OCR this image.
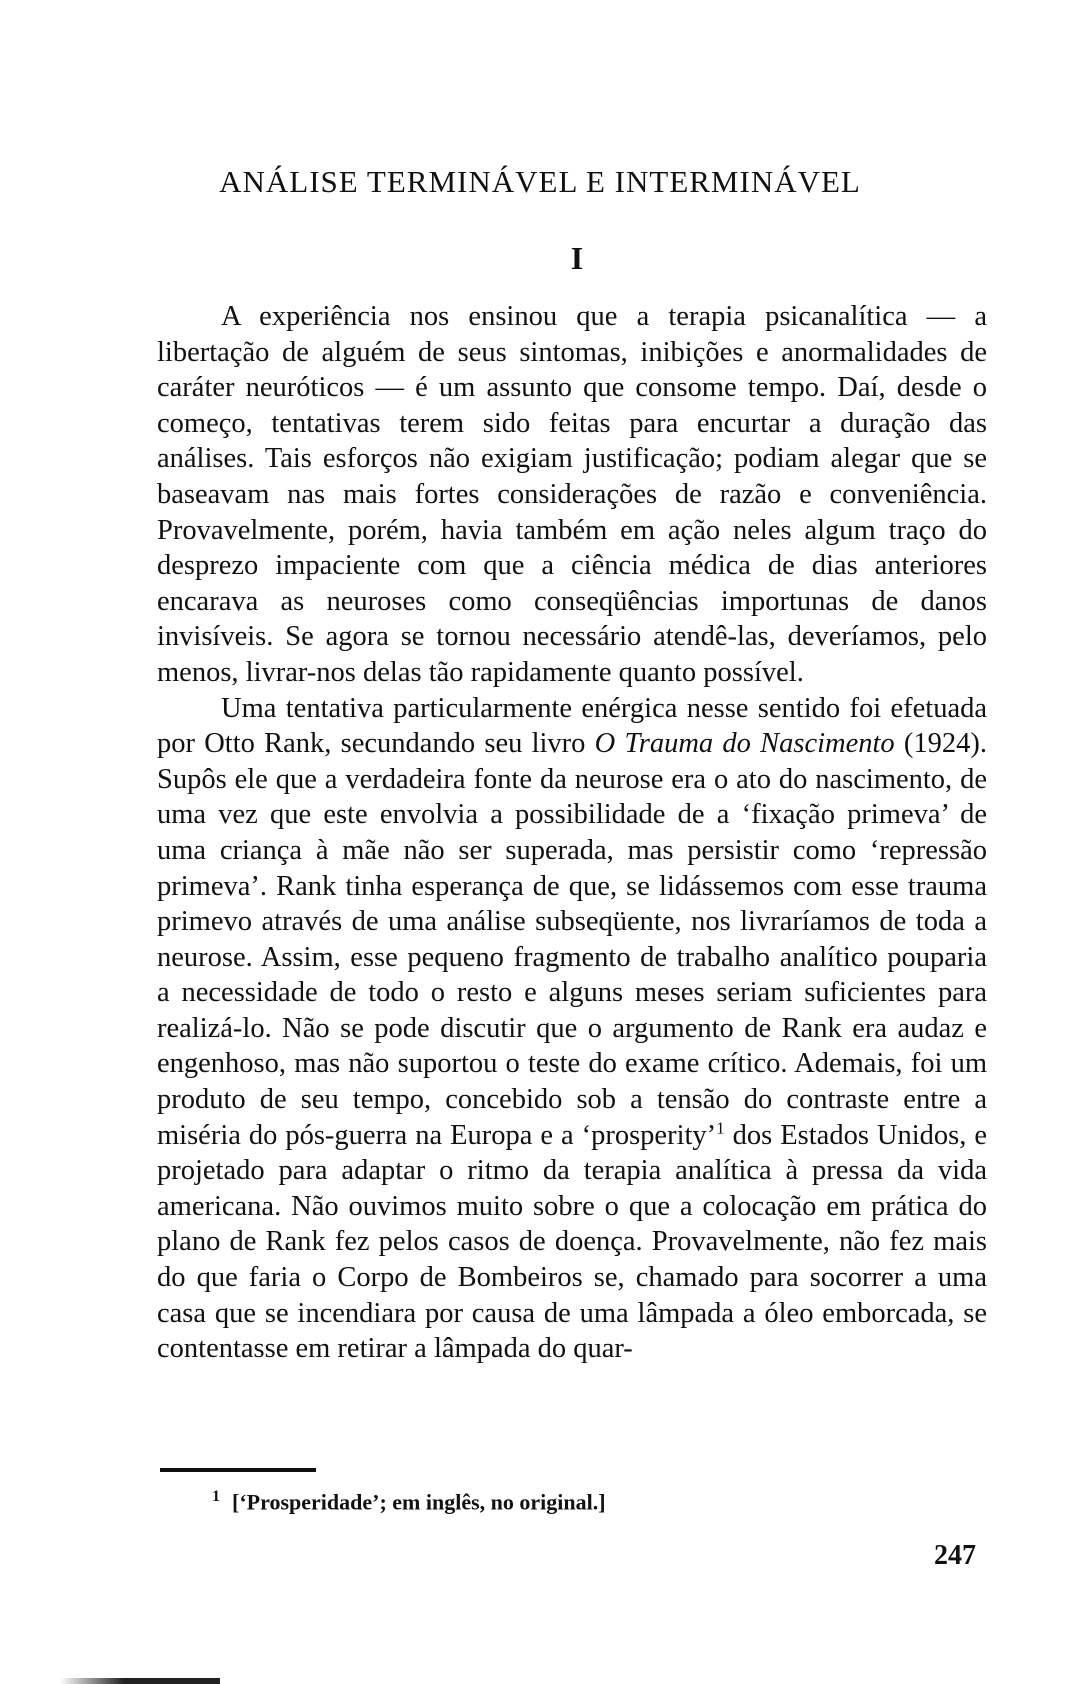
ANÁLISE TERMINÁVEL E INTERMINÁVEL
I

A experiência nos ensinou que a terapia psicanalítica — a libertação de alguém de seus sintomas, inibições e anormalidades de caráter neuróticos — é um assunto que consome tempo. Daí, desde o começo, tentativas terem sido feitas para encurtar a duração das análises. Tais esforços não exigiam justificação; podiam alegar que se baseavam nas mais fortes considerações de razão e conveniência. Provavelmente, porém, havia também em ação neles algum traço do desprezo impaciente com que a ciência médica de dias anteriores encarava as neuroses como conseqüências importunas de danos invisíveis. Se agora se tornou necessário atendê-las, deveríamos, pelo menos, livrar-nos delas tão rapidamente quanto possível.

Uma tentativa particularmente enérgica nesse sentido foi efetuada por Otto Rank, secundando seu livro O Trauma do Nascimento (1924). Supôs ele que a verdadeira fonte da neurose era o ato do nascimento, de uma vez que este envolvia a possibilidade de a ‘fixação primeva’ de uma criança à mãe não ser superada, mas persistir como ‘repressão primeva’. Rank tinha esperança de que, se lidássemos com esse trauma primevo através de uma análise subseqüente, nos livraríamos de toda a neurose. Assim, esse pequeno fragmento de trabalho analítico pouparia a necessidade de todo o resto e alguns meses seriam suficientes para realizá-lo. Não se pode discutir que o argumento de Rank era audaz e engenhoso, mas não suportou o teste do exame crítico. Ademais, foi um produto de seu tempo, concebido sob a tensão do contraste entre a miséria do pós-guerra na Europa e a ‘prosperity’$^1$ dos Estados Unidos, e projetado para adaptar o ritmo da terapia analítica à pressa da vida americana. Não ouvimos muito sobre o que a colocação em prática do plano de Rank fez pelos casos de doença. Provavelmente, não fez mais do que faria o Corpo de Bombeiros se, chamado para socorrer a uma casa que se incendiara por causa de uma lâmpada a óleo emborcada, se contentasse em retirar a lâmpada do quar-

$^1$ [‘Prosperidade’; em inglês, no original.]
247
